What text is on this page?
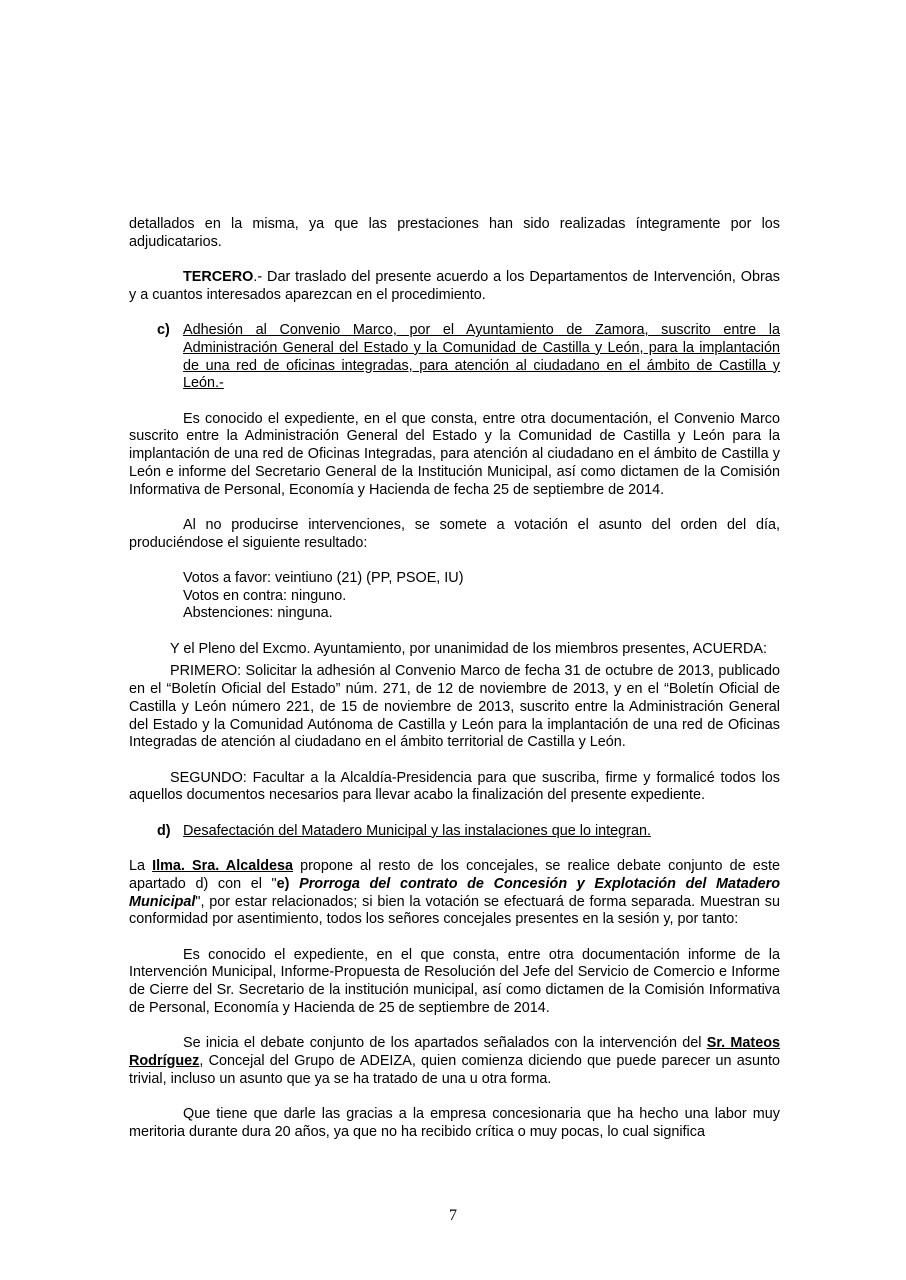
detallados en la misma, ya que las prestaciones han sido realizadas íntegramente por los adjudicatarios.

TERCERO.- Dar traslado del presente acuerdo a los Departamentos de Intervención, Obras y a cuantos interesados aparezcan en el procedimiento.

c) Adhesión al Convenio Marco, por el Ayuntamiento de Zamora, suscrito entre la Administración General del Estado y la Comunidad de Castilla y León, para la implantación de una red de oficinas integradas, para atención al ciudadano en el ámbito de Castilla y León.-

Es conocido el expediente, en el que consta, entre otra documentación, el Convenio Marco suscrito entre la Administración General del Estado y la Comunidad de Castilla y León para la implantación de una red de Oficinas Integradas, para atención al ciudadano en el ámbito de Castilla y León e informe del Secretario General de la Institución Municipal, así como dictamen de la Comisión Informativa de Personal, Economía y Hacienda de fecha 25 de septiembre de 2014.

Al no producirse intervenciones, se somete a votación el asunto del orden del día, produciéndose el siguiente resultado:

Votos a favor: veintiuno (21) (PP, PSOE, IU)
Votos en contra: ninguno.
Abstenciones: ninguna.

Y el Pleno del Excmo. Ayuntamiento, por unanimidad de los miembros presentes, ACUERDA:

PRIMERO: Solicitar la adhesión al Convenio Marco de fecha 31 de octubre de 2013, publicado en el “Boletín Oficial del Estado” núm. 271, de 12 de noviembre de 2013, y en el “Boletín Oficial de Castilla y León número 221, de 15 de noviembre de 2013, suscrito entre la Administración General del Estado y la Comunidad Autónoma de Castilla y León para la implantación de una red de Oficinas Integradas de atención al ciudadano en el ámbito territorial de Castilla y León.

SEGUNDO: Facultar a la Alcaldía-Presidencia para que suscriba, firme y formalicé todos los aquellos documentos necesarios para llevar acabo la finalización del presente expediente.

d) Desafectación del Matadero Municipal y las instalaciones que lo integran.

La Ilma. Sra. Alcaldesa propone al resto de los concejales, se realice debate conjunto de este apartado d) con el "e) Prorroga del contrato de Concesión y Explotación del Matadero Municipal", por estar relacionados; si bien la votación se efectuará de forma separada. Muestran su conformidad por asentimiento, todos los señores concejales presentes en la sesión y, por tanto:

Es conocido el expediente, en el que consta, entre otra documentación informe de la Intervención Municipal, Informe-Propuesta de Resolución del Jefe del Servicio de Comercio e Informe de Cierre del Sr. Secretario de la institución municipal, así como dictamen de la Comisión Informativa de Personal, Economía y Hacienda de 25 de septiembre de 2014.

Se inicia el debate conjunto de los apartados señalados con la intervención del Sr. Mateos Rodríguez, Concejal del Grupo de ADEIZA, quien comienza diciendo que puede parecer un asunto trivial, incluso un asunto que ya se ha tratado de una u otra forma.

Que tiene que darle las gracias a la empresa concesionaria que ha hecho una labor muy meritoria durante dura 20 años, ya que no ha recibido crítica o muy pocas, lo cual significa

7
